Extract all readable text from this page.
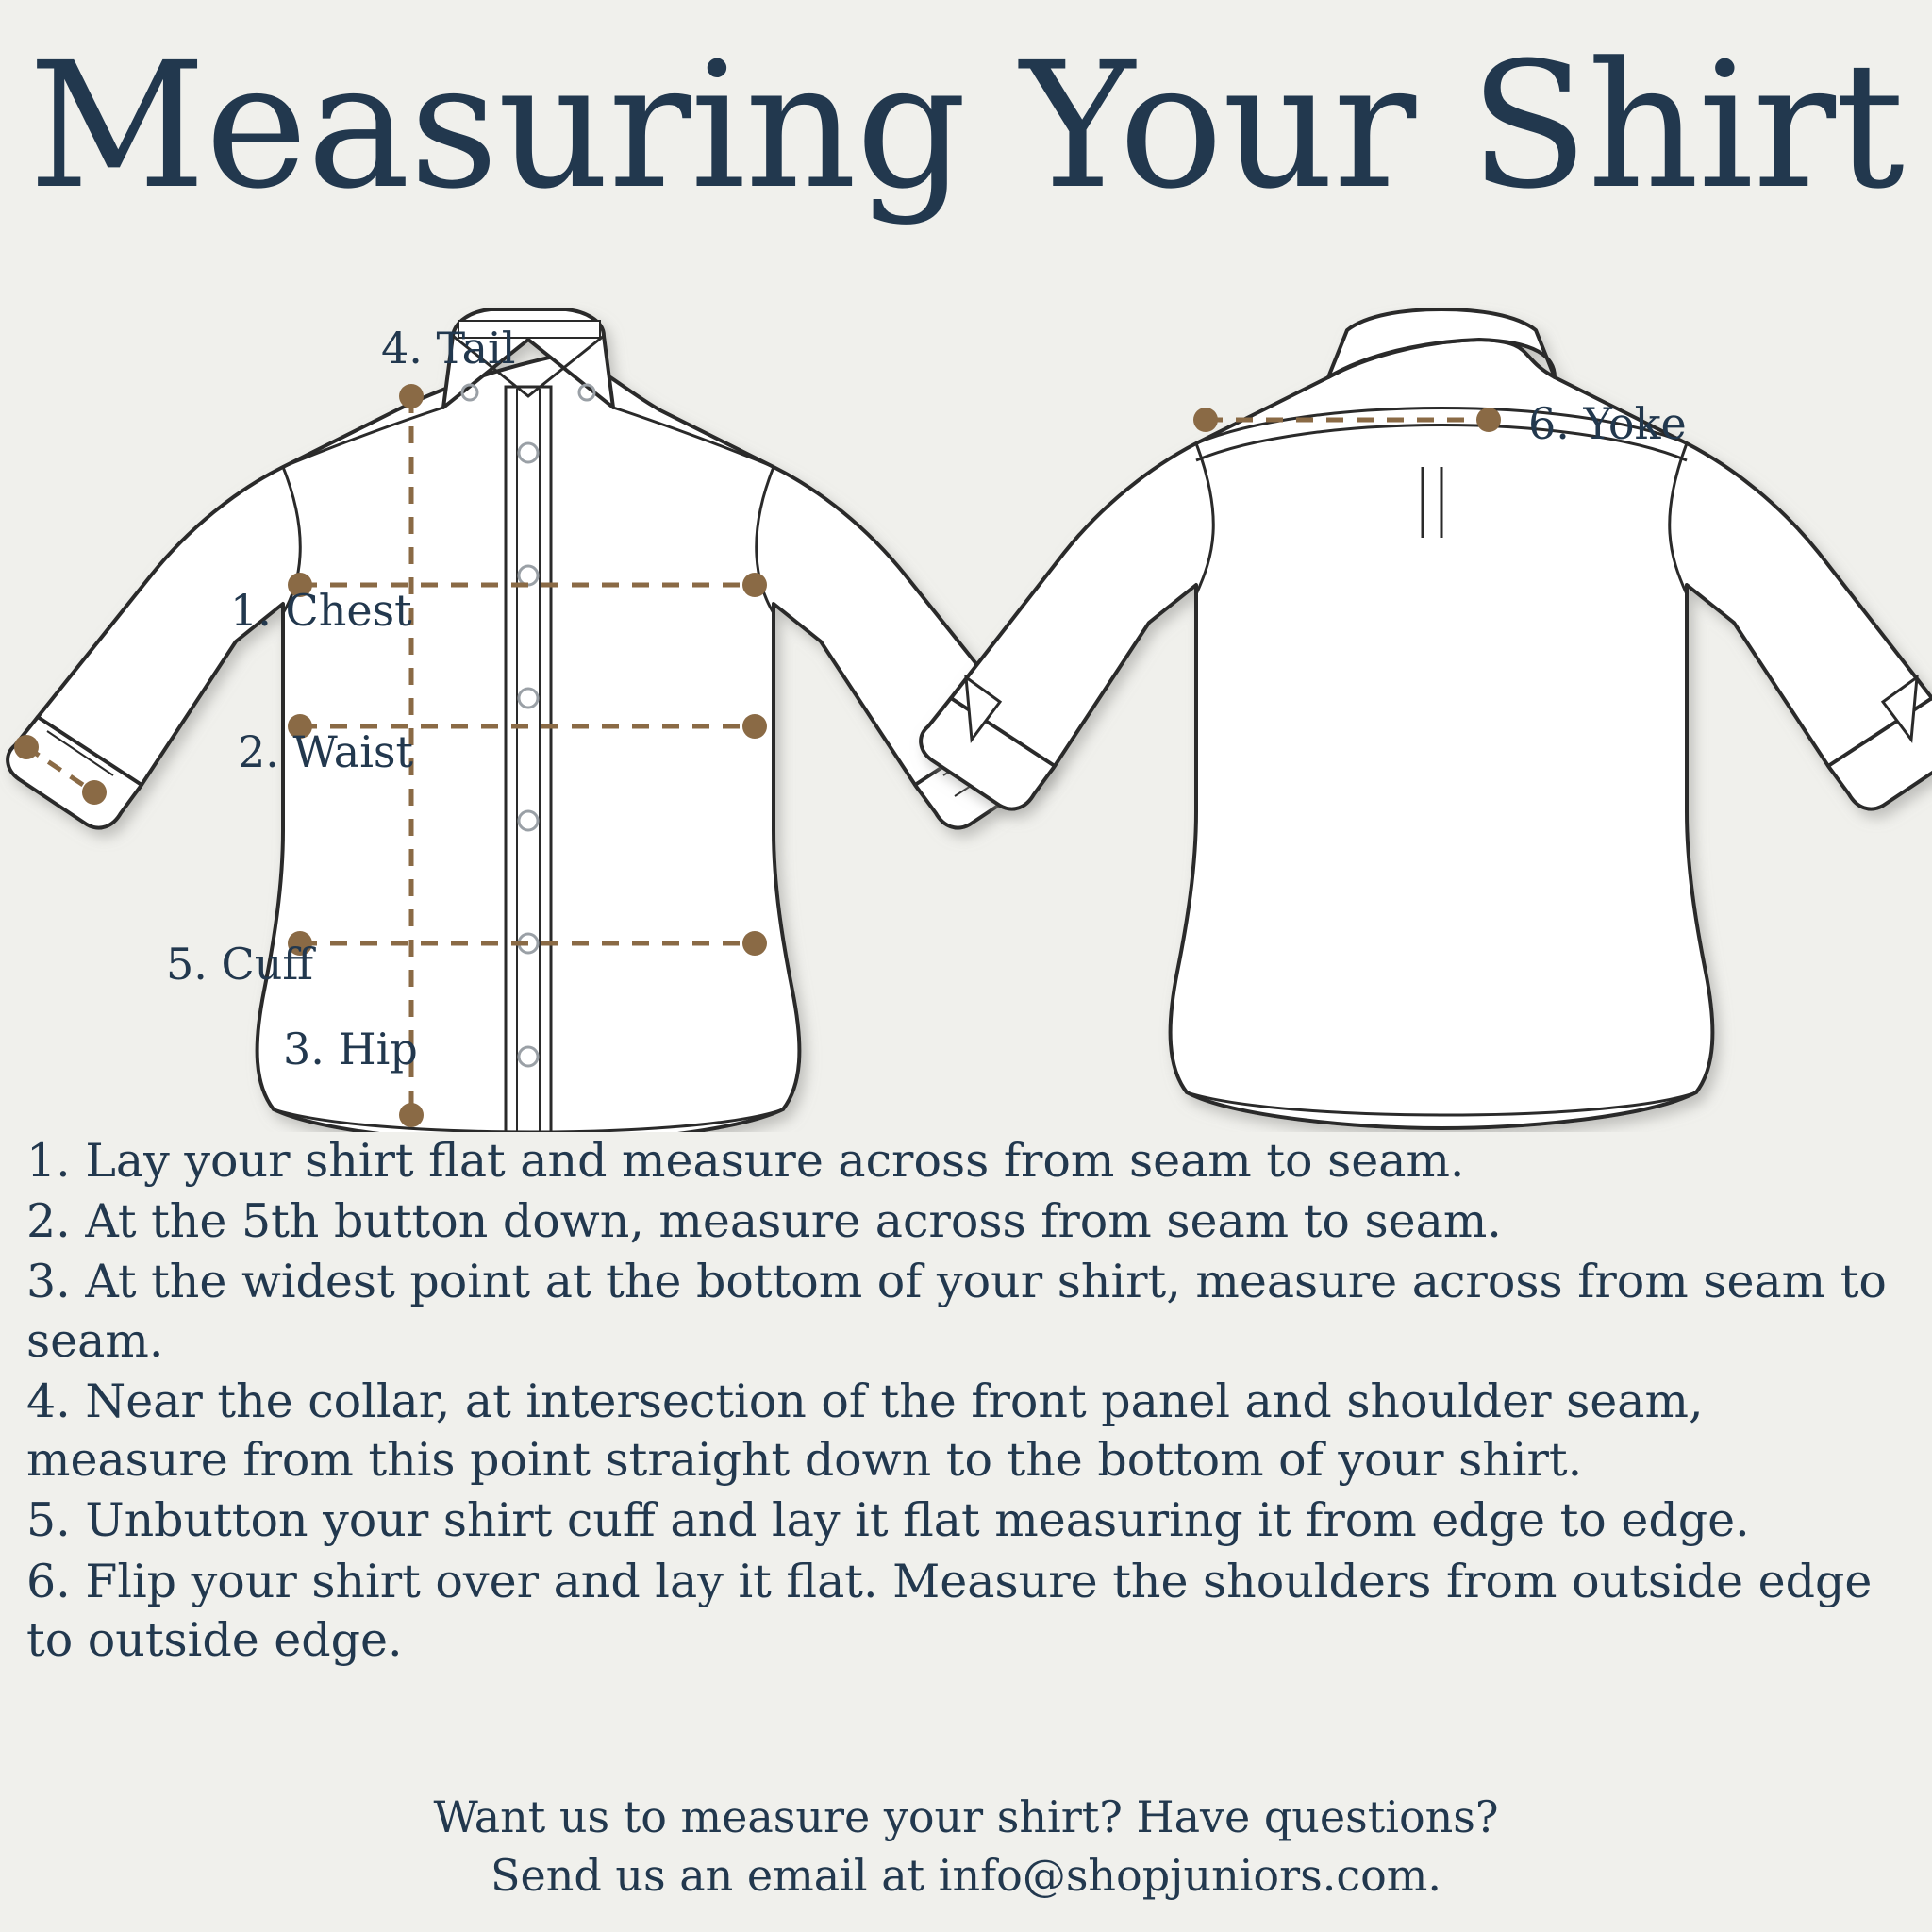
Measuring Your Shirt
4. Tail
1. Chest
2. Waist
5. Cuff
3. Hip
6. Yoke

1. Lay your shirt flat and measure across from seam to seam.

2. At the 5th button down, measure across from seam to seam.

3. At the widest point at the bottom of your shirt, measure across from seam to seam.

4. Near the collar, at intersection of the front panel and shoulder seam, measure from this point straight down to the bottom of your shirt.

5. Unbutton your shirt cuff and lay it flat measuring it from edge to edge.

6. Flip your shirt over and lay it flat. Measure the shoulders from outside edge to outside edge.

Want us to measure your shirt? Have questions?

Send us an email at info@shopjuniors.com.
